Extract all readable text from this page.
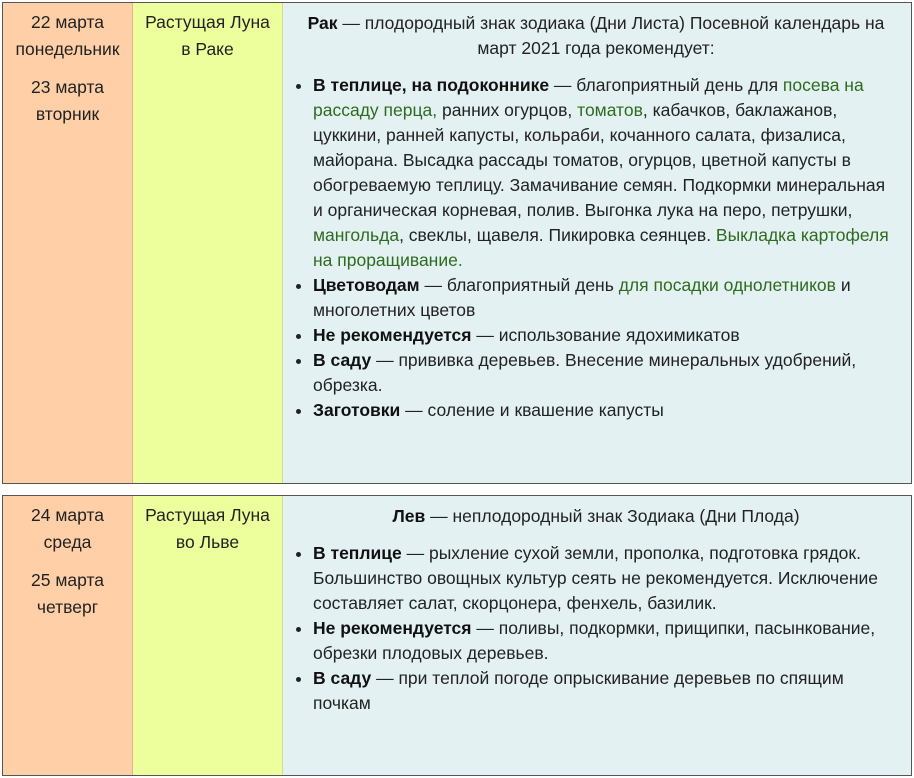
22 марта
понедельник
23 марта
вторник
Растущая Луна
в Раке
Рак — плодородный знак зодиака (Дни Листа) Посевной календарь на март 2021 года рекомендует:
• В теплице, на подоконнике — благоприятный день для посева на рассаду перца, ранних огурцов, томатов, кабачков, баклажанов, цуккини, ранней капусты, кольраби, кочанного салата, физалиса, майорана. Высадка рассады томатов, огурцов, цветной капусты в обогреваемую теплицу. Замачивание семян. Подкормки минеральная и органическая корневая, полив. Выгонка лука на перо, петрушки, мангольда, свеклы, щавеля. Пикировка сеянцев. Выкладка картофеля на проращивание.
• Цветоводам — благоприятный день для посадки однолетников и многолетних цветов
• Не рекомендуется — использование ядохимикатов
• В саду — прививка деревьев. Внесение минеральных удобрений, обрезка.
• Заготовки — соление и квашение капусты
24 марта
среда
25 марта
четверг
Растущая Луна
во Льве
Лев — неплодородный знак Зодиака (Дни Плода)
• В теплице — рыхление сухой земли, прополка, подготовка грядок. Большинство овощных культур сеять не рекомендуется. Исключение составляет салат, скорцонера, фенхель, базилик.
• Не рекомендуется — поливы, подкормки, прищипки, пасынкование, обрезки плодовых деревьев.
• В саду — при теплой погоде опрыскивание деревьев по спящим почкам
